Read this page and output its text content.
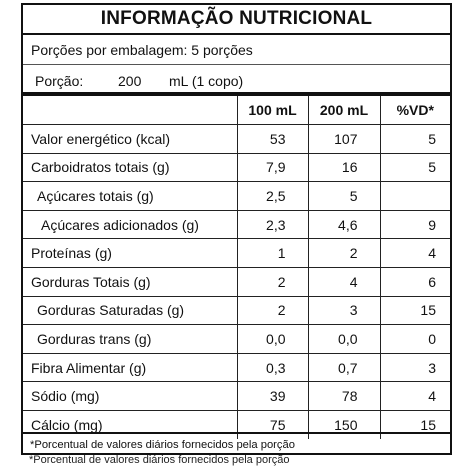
INFORMAÇÃO NUTRICIONAL
Porções por embalagem: 5 porções
Porção: 200 mL (1 copo)
	100 mL	200 mL	%VD*
Valor energético (kcal)	53	107	5
Carboidratos totais (g)	7,9	16	5
Açúcares totais (g)	2,5	5	
Açúcares adicionados (g)	2,3	4,6	9
Proteínas (g)	1	2	4
Gorduras Totais (g)	2	4	6
Gorduras Saturadas (g)	2	3	15
Gorduras trans (g)	0,0	0,0	0
Fibra Alimentar (g)	0,3	0,7	3
Sódio (mg)	39	78	4
Cálcio (mg)	75	150	15
*Porcentual de valores diários fornecidos pela porção
*Porcentual de valores diários fornecidos pela porção
